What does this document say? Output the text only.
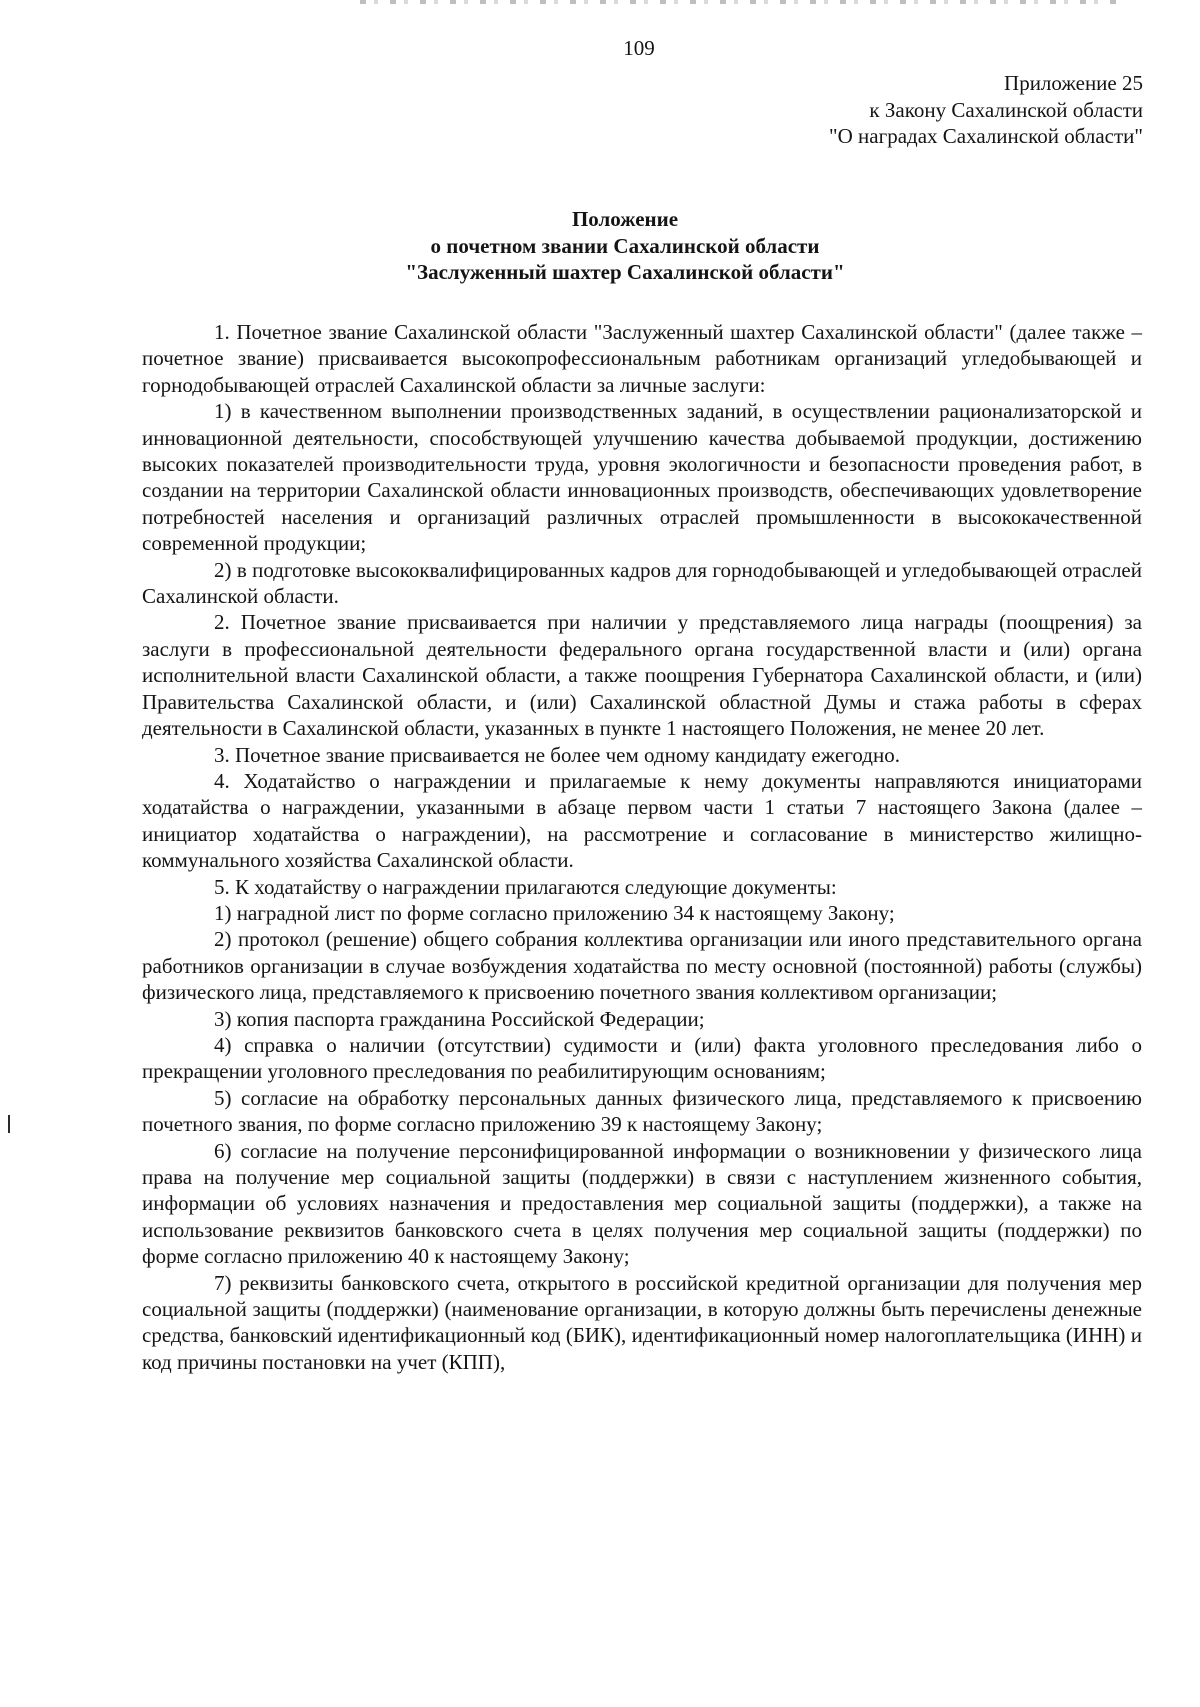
109
Приложение 25
к Закону Сахалинской области
"О наградах Сахалинской области"
Положение
о почетном звании Сахалинской области
"Заслуженный шахтер Сахалинской области"

1. Почетное звание Сахалинской области "Заслуженный шахтер Сахалинской области" (далее также – почетное звание) присваивается высокопрофессиональным работникам организаций угледобывающей и горнодобывающей отраслей Сахалинской области за личные заслуги:

1) в качественном выполнении производственных заданий, в осуществлении рационализаторской и инновационной деятельности, способствующей улучшению качества добываемой продукции, достижению высоких показателей производительности труда, уровня экологичности и безопасности проведения работ, в создании на территории Сахалинской области инновационных производств, обеспечивающих удовлетворение потребностей населения и организаций различных отраслей промышленности в высококачественной современной продукции;

2) в подготовке высококвалифицированных кадров для горнодобывающей и угледобывающей отраслей Сахалинской области.

2. Почетное звание присваивается при наличии у представляемого лица награды (поощрения) за заслуги в профессиональной деятельности федерального органа государственной власти и (или) органа исполнительной власти Сахалинской области, а также поощрения Губернатора Сахалинской области, и (или) Правительства Сахалинской области, и (или) Сахалинской областной Думы и стажа работы в сферах деятельности в Сахалинской области, указанных в пункте 1 настоящего Положения, не менее 20 лет.

3. Почетное звание присваивается не более чем одному кандидату ежегодно.

4. Ходатайство о награждении и прилагаемые к нему документы направляются инициаторами ходатайства о награждении, указанными в абзаце первом части 1 статьи 7 настоящего Закона (далее – инициатор ходатайства о награждении), на рассмотрение и согласование в министерство жилищно-коммунального хозяйства Сахалинской области.

5. К ходатайству о награждении прилагаются следующие документы:

1) наградной лист по форме согласно приложению 34 к настоящему Закону;

2) протокол (решение) общего собрания коллектива организации или иного представительного органа работников организации в случае возбуждения ходатайства по месту основной (постоянной) работы (службы) физического лица, представляемого к присвоению почетного звания коллективом организации;

3) копия паспорта гражданина Российской Федерации;

4) справка о наличии (отсутствии) судимости и (или) факта уголовного преследования либо о прекращении уголовного преследования по реабилитирующим основаниям;

5) согласие на обработку персональных данных физического лица, представляемого к присвоению почетного звания, по форме согласно приложению 39 к настоящему Закону;

6) согласие на получение персонифицированной информации о возникновении у физического лица права на получение мер социальной защиты (поддержки) в связи с наступлением жизненного события, информации об условиях назначения и предоставления мер социальной защиты (поддержки), а также на использование реквизитов банковского счета в целях получения мер социальной защиты (поддержки) по форме согласно приложению 40 к настоящему Закону;

7) реквизиты банковского счета, открытого в российской кредитной организации для получения мер социальной защиты (поддержки) (наименование организации, в которую должны быть перечислены денежные средства, банковский идентификационный код (БИК), идентификационный номер налогоплательщика (ИНН) и код причины постановки на учет (КПП),
